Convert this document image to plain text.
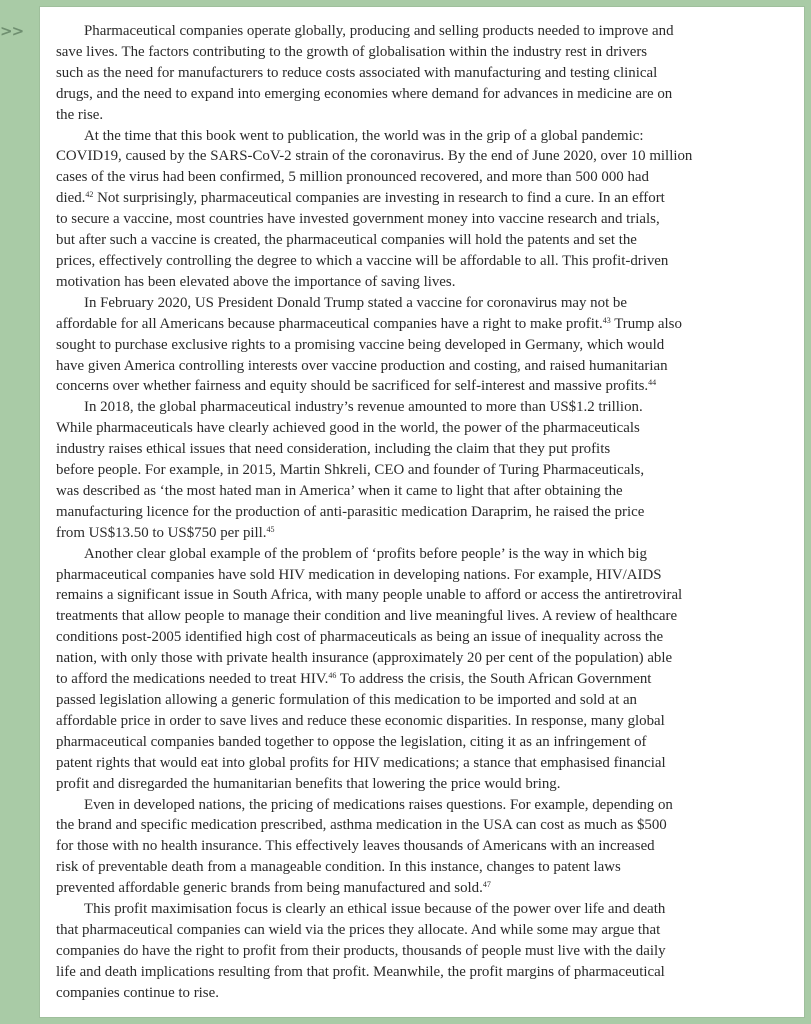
>>	Pharmaceutical companies operate globally, producing and selling products needed to improve and
save lives. The factors contributing to the growth of globalisation within the industry rest in drivers
such as the need for manufacturers to reduce costs associated with manufacturing and testing clinical
drugs, and the need to expand into emerging economies where demand for advances in medicine are on
the rise.

At the time that this book went to publication, the world was in the grip of a global pandemic:
COVID19, caused by the SARS-CoV-2 strain of the coronavirus. By the end of June 2020, over 10 million
cases of the virus had been confirmed, 5 million pronounced recovered, and more than 500 000 had
died.$^{42}$ Not surprisingly, pharmaceutical companies are investing in research to find a cure. In an effort
to secure a vaccine, most countries have invested government money into vaccine research and trials,
but after such a vaccine is created, the pharmaceutical companies will hold the patents and set the
prices, effectively controlling the degree to which a vaccine will be affordable to all. This profit-driven
motivation has been elevated above the importance of saving lives.

In February 2020, US President Donald Trump stated a vaccine for coronavirus may not be
affordable for all Americans because pharmaceutical companies have a right to make profit.$^{43}$ Trump also
sought to purchase exclusive rights to a promising vaccine being developed in Germany, which would
have given America controlling interests over vaccine production and costing, and raised humanitarian
concerns over whether fairness and equity should be sacrificed for self-interest and massive profits.$^{44}$

In 2018, the global pharmaceutical industry’s revenue amounted to more than US$1.2 trillion.
While pharmaceuticals have clearly achieved good in the world, the power of the pharmaceuticals
industry raises ethical issues that need consideration, including the claim that they put profits
before people. For example, in 2015, Martin Shkreli, CEO and founder of Turing Pharmaceuticals,
was described as ‘the most hated man in America’ when it came to light that after obtaining the
manufacturing licence for the production of anti-parasitic medication Daraprim, he raised the price
from US$13.50 to US$750 per pill.$^{45}$

Another clear global example of the problem of ‘profits before people’ is the way in which big
pharmaceutical companies have sold HIV medication in developing nations. For example, HIV/AIDS
remains a significant issue in South Africa, with many people unable to afford or access the antiretroviral
treatments that allow people to manage their condition and live meaningful lives. A review of healthcare
conditions post-2005 identified high cost of pharmaceuticals as being an issue of inequality across the
nation, with only those with private health insurance (approximately 20 per cent of the population) able
to afford the medications needed to treat HIV.$^{46}$ To address the crisis, the South African Government
passed legislation allowing a generic formulation of this medication to be imported and sold at an
affordable price in order to save lives and reduce these economic disparities. In response, many global
pharmaceutical companies banded together to oppose the legislation, citing it as an infringement of
patent rights that would eat into global profits for HIV medications; a stance that emphasised financial
profit and disregarded the humanitarian benefits that lowering the price would bring.

Even in developed nations, the pricing of medications raises questions. For example, depending on
the brand and specific medication prescribed, asthma medication in the USA can cost as much as $500
for those with no health insurance. This effectively leaves thousands of Americans with an increased
risk of preventable death from a manageable condition. In this instance, changes to patent laws
prevented affordable generic brands from being manufactured and sold.$^{47}$

This profit maximisation focus is clearly an ethical issue because of the power over life and death
that pharmaceutical companies can wield via the prices they allocate. And while some may argue that
companies do have the right to profit from their products, thousands of people must live with the daily
life and death implications resulting from that profit. Meanwhile, the profit margins of pharmaceutical
companies continue to rise.
